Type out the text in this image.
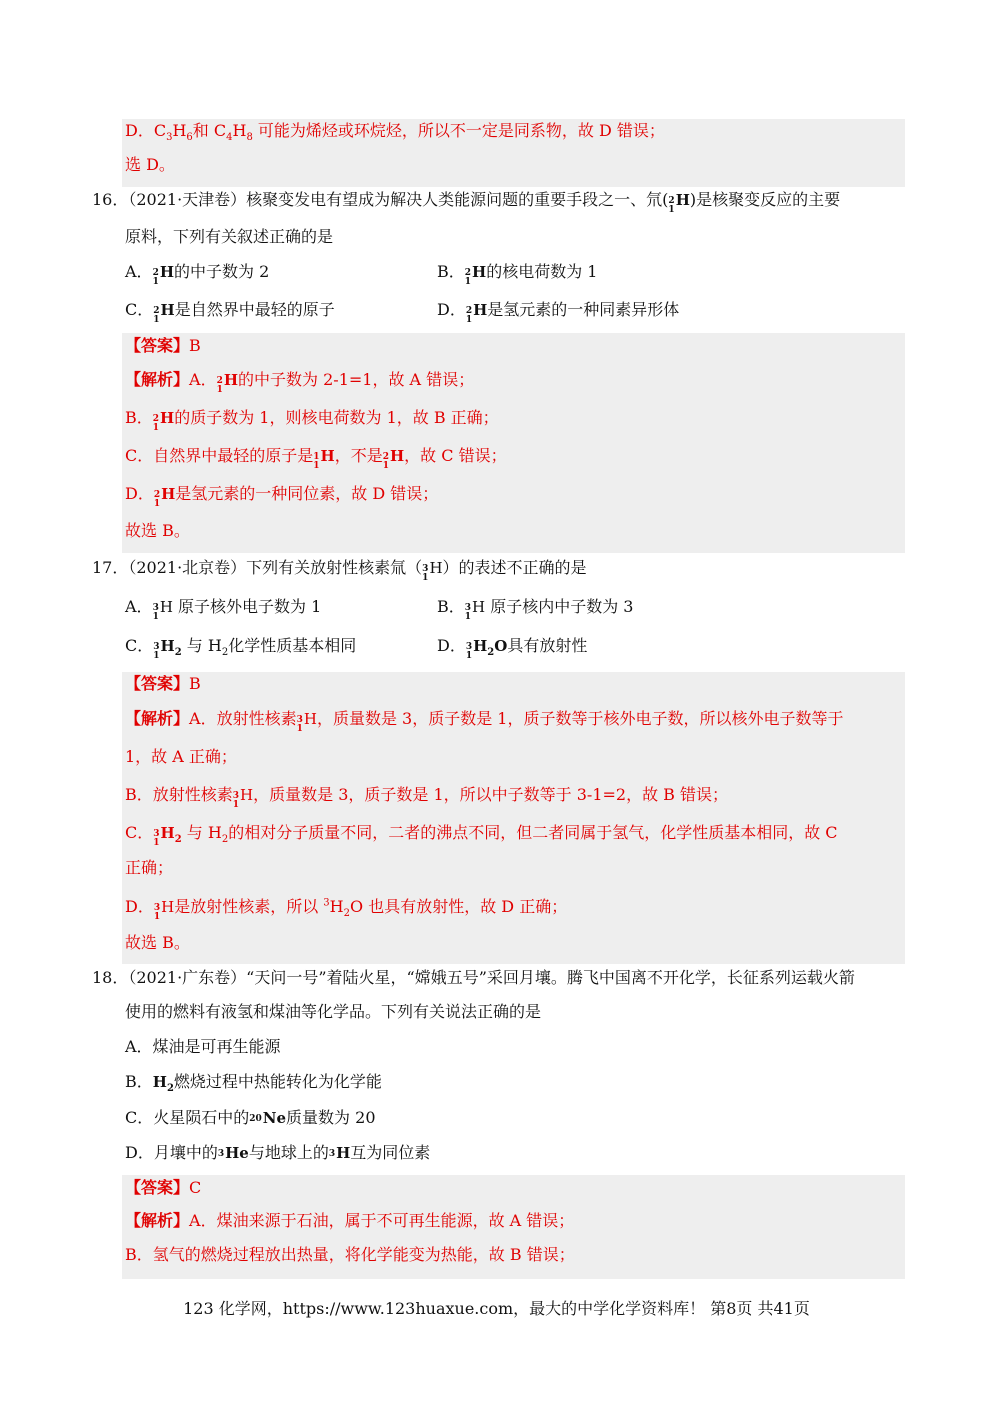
D．$C_3H_6$和 $C_4H_8$ 可能为烯烃或环烷烃，所以不一定是同系物，故 D 错误；
选 D。
16．（2021·天津卷）核聚变发电有望成为解决人类能源问题的重要手段之一、氘( 2
1
H)是核聚变反应的主要
原料，下列有关叙述正确的是
A． 2
1
H的中子数为 2	B． 2
1
H的核电荷数为 1
C． 2
1
H是自然界中最轻的原子	D． 2
1
H是氢元素的一种同素异形体
【答案】B
【解析】A． 2
1
H的中子数为 2-1=1，故 A 错误；
B． 2
1
H的质子数为 1，则核电荷数为 1，故 B 正确；
C．自然界中最轻的原子是 1
1
H，不是 2
1
H，故 C 错误；
D． 2
1
H是氢元素的一种同位素，故 D 错误；
故选 B。
17．（2021·北京卷）下列有关放射性核素氚（ 3
1
H）的表述不正确的是
A． 3
1
H 原子核外电子数为 1	B． 3
1
H 原子核内中子数为 3
C． 3
1
$H_2$ 与 $H_2$化学性质基本相同	D． 3
1
$H_2O$具有放射性
【答案】B
【解析】A．放射性核素 3
1
H，质量数是 3，质子数是 1，质子数等于核外电子数，所以核外电子数等于
1，故 A 正确；
B．放射性核素 3
1
H，质量数是 3，质子数是 1，所以中子数等于 3-1=2，故 B 错误；
C． 3
1
$H_2$ 与 $H_2$的相对分子质量不同，二者的沸点不同，但二者同属于氢气，化学性质基本相同，故 C
正确；
D． 3
1
H是放射性核素，所以 $^3H_2O$ 也具有放射性，故 D 正确；
故选 B。
18．（2021·广东卷）“天问一号”着陆火星，“嫦娥五号”采回月壤。腾飞中国离不开化学，长征系列运载火箭
使用的燃料有液氢和煤油等化学品。下列有关说法正确的是
A．煤油是可再生能源
B．$H_2$燃烧过程中热能转化为化学能
C．火星陨石中的 20
Ne质量数为 20
D．月壤中的 3
He与地球上的 3
H互为同位素
【答案】C
【解析】A．煤油来源于石油，属于不可再生能源，故 A 错误；
B．氢气的燃烧过程放出热量，将化学能变为热能，故 B 错误；
123 化学网，https://www.123huaxue.com，最大的中学化学资料库！ 第8页 共41页
